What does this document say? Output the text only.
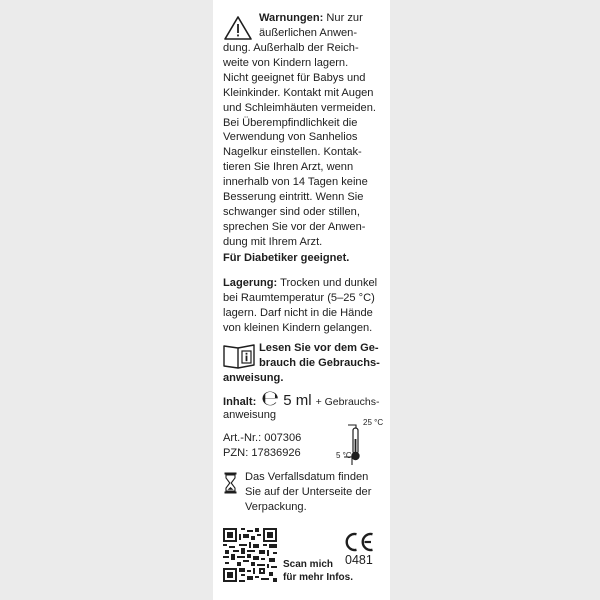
Warnungen: Nur zur
äußerlichen Anwen-
dung. Außerhalb der Reich-
weite von Kindern lagern.
Nicht geeignet für Babys und
Kleinkinder. Kontakt mit Augen
und Schleimhäuten vermeiden.
Bei Überempfindlichkeit die
Verwendung von Sanhelios
Nagelkur einstellen. Kontak-
tieren Sie Ihren Arzt, wenn
innerhalb von 14 Tagen keine
Besserung eintritt. Wenn Sie
schwanger sind oder stillen,
sprechen Sie vor der Anwen-
dung mit Ihrem Arzt.
Für Diabetiker geeignet.
Lagerung: Trocken und dunkel
bei Raumtemperatur (5–25 °C)
lagern. Darf nicht in die Hände
von kleinen Kindern gelangen.
Lesen Sie vor dem Ge-
brauch die Gebrauchs-
anweisung.
Inhalt: ℮ 5 ml + Gebrauchs-
anweisung
Art.-Nr.: 007306
PZN: 17836926
25 °C
5 °C
Das Verfallsdatum finden
Sie auf der Unterseite der
Verpackung.
Scan mich
für mehr Infos.
0481
